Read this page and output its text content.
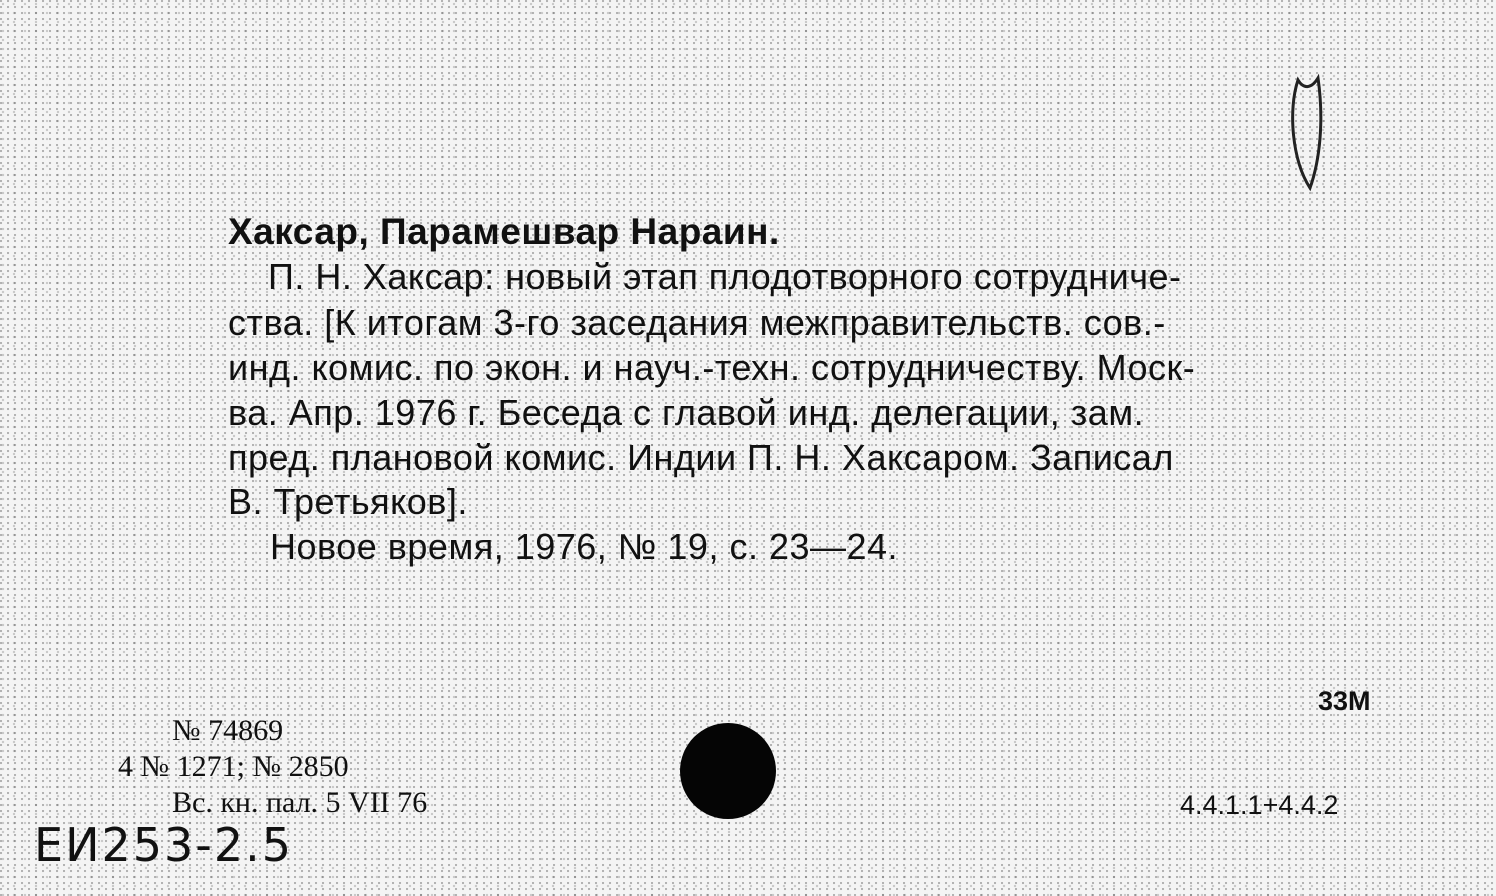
Хаксар, Парамешвар Нараин.
П. Н. Хаксар: новый этап плодотворного сотрудниче-
ства. [К итогам 3-го заседания межправительств. сов.-
инд. комис. по экон. и науч.-техн. сотрудничеству. Моск-
ва. Апр. 1976 г. Беседа с главой инд. делегации, зам.
пред. плановой комис. Индии П. Н. Хаксаром. Записал
В. Третьяков].
Новое время, 1976, № 19, с. 23—24.
№ 74869
4 № 1271; № 2850
Вс. кн. пал. 5 VII 76
33М
4.4.1.1+4.4.2
ЕИ253-2.5
